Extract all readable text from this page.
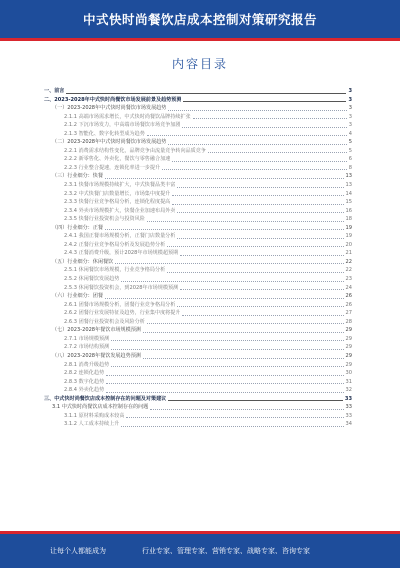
中式快时尚餐饮店成本控制对策研究报告
内容目录
一、前言	3
二、2023-2028年中式快时尚餐饮市场发展前景及趋势预测	3
（一）2023-2028年中式快时尚餐饮市场发展趋势	3
2.1.1 高端市场需求增长，中式快时尚餐饮品牌持续扩张	3
2.1.2 下沉市场发力，中高端市场餐饮市场竞争加剧	3
2.1.3 智能化、数字化转型成为趋势	4
（二）2023-2028年中式快时尚餐饮市场发展趋势	5
2.2.1 消费需求结构性变化，品牌竞争由流量竞争转向品质竞争	5
2.2.2 新零售化、外卖化，餐饮与零售融合加速	6
2.2.3 行业整合提速，连锁化率进一步提升	8
（三）行业细分：快餐	13
2.3.1 快餐市场规模持续扩大，中式快餐品类丰富	13
2.3.2 中式快餐门店数量增长，市场集中度提升	14
2.3.3 快餐行业竞争格局分析，连锁化程度提高	15
2.3.4 外卖市场规模扩大，快餐企业加速布局外卖	16
2.3.5 快餐行业投资机会与投资风险	18
（四）行业细分：正餐	19
2.4.1 我国正餐市场规模分析，正餐门店数量分析	19
2.4.2 正餐行业竞争格局分析及发展趋势分析	20
2.4.3 正餐消费升级，预计2028年市场规模超预期	21
（五）行业细分：休闲餐饮	22
2.5.1 休闲餐饮市场规模，行业竞争格局分析	22
2.5.2 休闲餐饮发展趋势	23
2.5.3 休闲餐饮投资机会，到2028年市场规模预测	24
（六）行业细分：团餐	26
2.6.1 团餐市场规模分析，团餐行业竞争格局分析	26
2.6.2 团餐行业发展特征及趋势，行业集中度将提升	27
2.6.3 团餐行业投资机会及风险分析	28
（七）2023-2028年餐饮市场规模预测	29
2.7.1 市场规模预测	29
2.7.2 市场结构预测	29
（八）2023-2028年餐饮发展趋势预测	29
2.8.1 消费升级趋势	29
2.8.2 连锁化趋势	30
2.8.3 数字化趋势	31
2.8.4 外卖化趋势	32
三、中式快时尚餐饮店成本控制存在的问题及对策建议	33
3.1 中式快时尚餐饮店成本控制存在的问题	33
3.1.1 原材料采购成本较高	33
3.1.2 人工成本持续上升	34
让每个人都能成为	行业专家、管理专家、营销专家、战略专家、咨询专家
